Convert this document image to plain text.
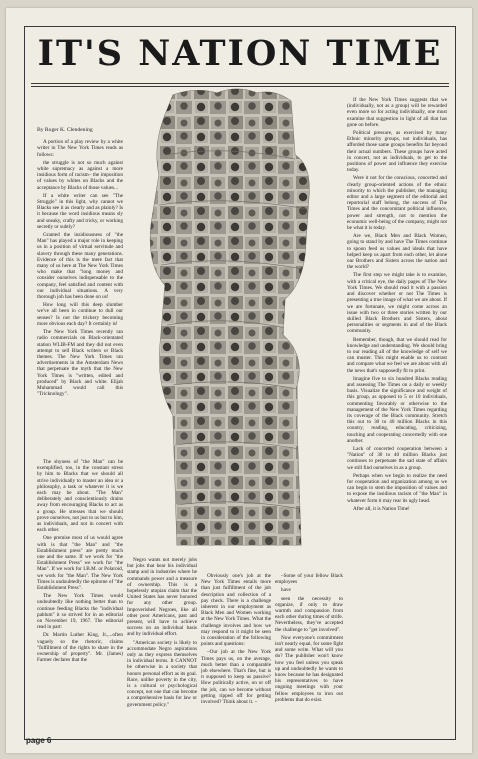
IT'S NATION TIME

By Roger K. Clendening

A portion of a play review by a white writer in The New York Times reads as follows:

the struggle is not so much against white supremacy as against a more insidious form of racism– the imposition of values by whites on Blacks and the acceptance by Blacks of those values...

If a white writer can see "The Struggle" in this light, why cannot we Blacks see it as clearly and as plainly? Is it because the word insidious means sly and sneaky, crafty and tricky, or working secretly or subtly?

Granted the insidiousness of "the Man" has played a major role in keeping us in a position of virtual servitude and slavery through these many generations. Evidence of this is the mere fact that many of us here at The New York Times who make that "long money and consider ourselves indispensable to the company, feel satisfied and content with our individual situations. A very thorough job has been done on us!

How long will this deep slumber we've all been in continue to dull our senses? Is not the trickery becoming more obvious each day? It certainly is!

The New York Times recently ran radio commercials on Black-orientated station WLIB-FM and they did not even attempt to sell Black writers or Black themes. The New York Times ran advertisements in the Amsterdam News that perpetuate the myth that the New York Times is "written, edited and produced" by Black and white. Elijah Muhammad would call this "Tricknology".

The shyness of "the Man" can be exemplified, too, in the constant stress by him to Blacks that we should all strive individually to master an idea or a philosophy, a task or whatever it is we each may be about. "The Man" deliberately and conscientiously drains away from encouraging Blacks to act as a group. He stresses that we should prove ourselves, not just to us but to him, as individuals, and not in concert with each other.

One premise most of us would agree with is that "the Man" and "the Establishment press" are pretty much one and the same. If we work for "the Establishment Press" we work for "the Man". If we work for I.B.M. or Polaroid, we work for "the Man". The New York Times is undoubtedly the epitome of "the Establishment Press".

The New York Times would undoubtedly like nothing better than to continue feeding Blacks the "individual pablum" it so strived for in an editorial on November 19, 1967. The editorial read in part:

Dr. Martin Luther King, Jr.,...often vaguely so the rhetoric, claims "fulfillment of the rights to share in the ownership of property". Mr. (James) Farmer declares that the

Negro wants not merely jobs but jobs that bear his individual stamp and in industries where he commands power and a measure of ownership. This is a hopelessly utopian claim that the United States has never honored for any other group. Impoverished Negroes, like all other poor Americans, past and present, will have to achieve success on an individual basis and by individual effort.

"American society is likely to accommodate Negro aspirations only as they express themselves in individual terms. It CANNOT be otherwise in a society that honors personal effort as its goal. Race, unlike poverty in the city, is a cultural or psychological concept, not one that can become a comprehensive basis for law or government policy."

Obviously one's job at the New York Times entails more than just fulfillment of the job description and collection of a pay check. There is a challenge inherent in our employment as Black Men and Women working at the New York Times. What the challenge involves and how we may respond to it might be seen in consideration of the following points and questions:

–Our job at the New York Times pays us, on the average, much better than a comparable job elsewhere. That's fine, but is it supposed to keep us passive? How politically active, on or off the job, can we become without getting ripped off for getting involved? Think about it. –

–Some of your fellow Black employees

have

seen the necessity to organize, if only to draw warmth and compassion from each other during times of strife. Nevertheless, they've accepted the challenge to "get involved".

Now everyone's commitment isn't nearly equal, for some fight and some write. What will you do? The publisher won't know how you feel unless you speak up and undoubtedly he wants to know because he has designated his representatives to have ongoing meetings with your fellow employees to iron out problems that do exist.

If the New York Times suggests that we (individually, not as a group) will be rewarded even more so for acting individually, one must examine that suggestion in light of all that has gone on before.

Political pressure, as exercised by many Ethnic minority groups, not individuals, has afforded those same groups benefits far beyond their actual numbers. These groups have acted in concert, not as individuals, to get to the positions of power and influence they exercise today.

Were it not for the conscious, concerted and clearly group-oriented actions of the ethnic minority to which the publisher, the managing editor and a large segment of the editorial and reportorial staff belong, the success of The Times and the concomitant political influence, power and strength, not to mention the economic well-being of the company, might not be what it is today.

Are we, Black Men and Black Women, going to stand by and have The Times continue to spoon feed us values and ideals that have helped keep us apart from each other, let alone our Brothers and Sisters across the nation and the world?

The first step we might take is to examine, with a critical eye, the daily pages of The New York Times. We should read it with a passion and discover whether or not The Times is presenting a true image of what we are about. If we are fortunate, we might come across an issue with two or three stories written by our skilled Black Brothers and Sisters, about personalities or segments in and of the Black community.

Remember, though, that we should read for knowledge and understanding. We should bring to our reading all of the knowledge of self we can muster. This might enable us to contrast and compare what we feel we are about with all the news that's supposedly fit to print.

Imagine five to six hundred Blacks reading and assessing The Times on a daily or weekly basis. Visualize the significance and weight of this group, as opposed to 5 or 10 individuals, commenting favorably or otherwise to the management of the New York Times regarding its coverage of the Black community. Stretch this out to 30 to 40 million Blacks in this country, reading, educating, criticizing, touching and cooperating concertedly with one another.

Lack of concerted cooperation between a "Nation" of 30 to 40 million Blacks just continues to perpetuate the sad state of affairs we still find ourselves in as a group.

Perhaps when we begin to realize the need for cooperation and organization among us we can begin to stem the imposition of values and to expose the insidious racism of "the Man" in whatever form it may rear its ugly head.

After all, it is Nation Time!

page 6
